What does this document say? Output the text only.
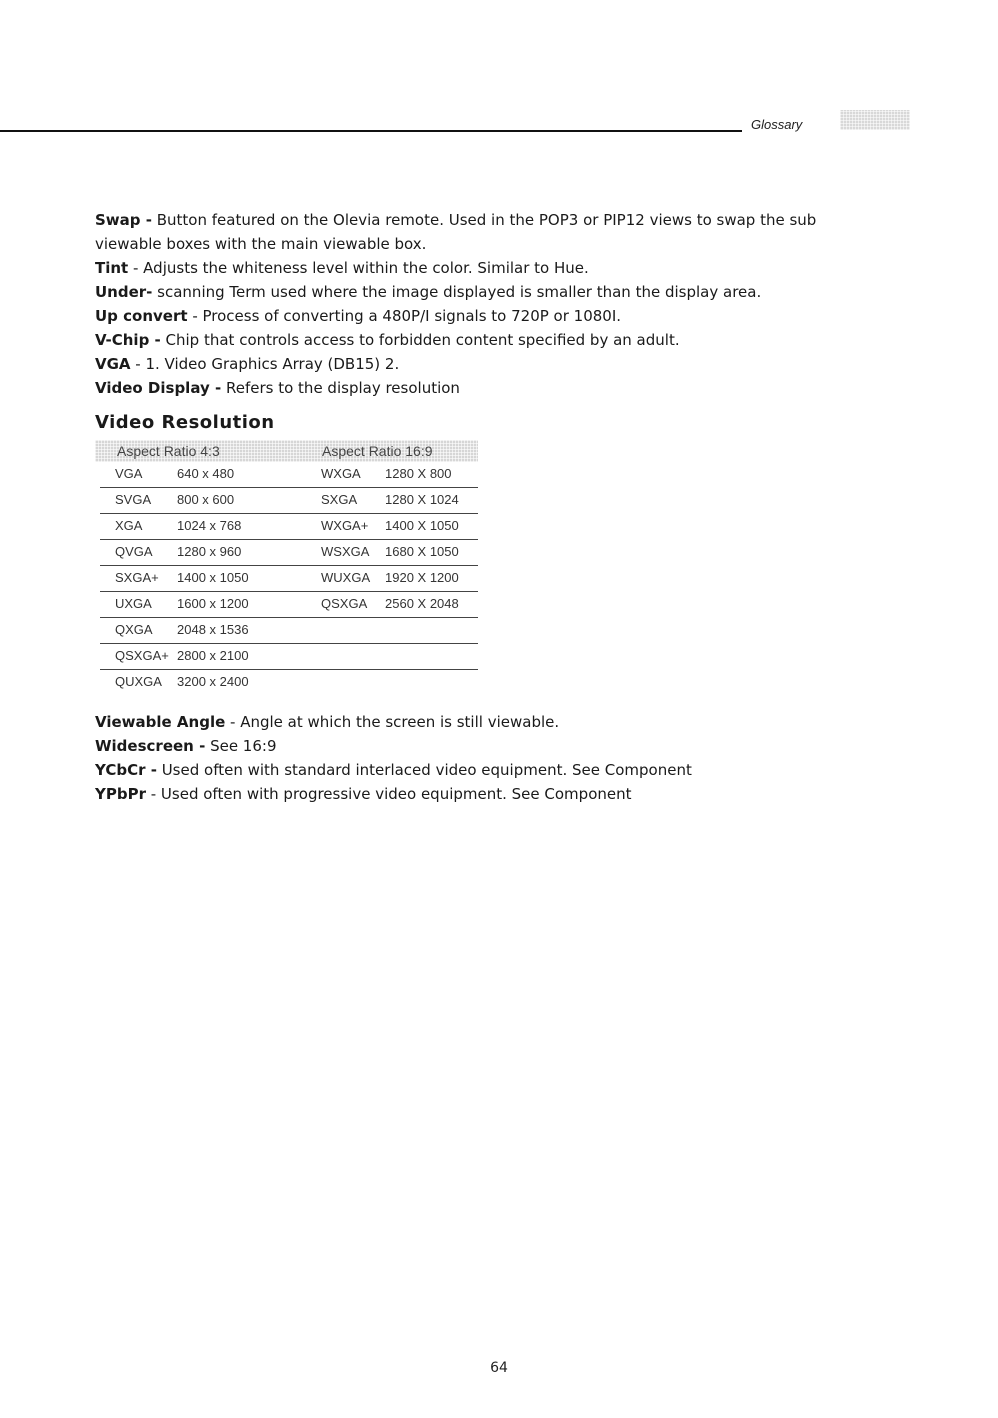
Glossary

Swap - Button featured on the Olevia remote. Used in the POP3 or PIP12 views to swap the sub viewable boxes with the main viewable box.

Tint - Adjusts the whiteness level within the color. Similar to Hue.

Under- scanning Term used where the image displayed is smaller than the display area.

Up convert - Process of converting a 480P/I signals to 720P or 1080I.

V-Chip - Chip that controls access to forbidden content specified by an adult.

VGA - 1. Video Graphics Array (DB15) 2.

Video Display - Refers to the display resolution

Video Resolution
Aspect Ratio 4:3	Aspect Ratio 16:9
VGA	640 x 480	WXGA 1280 X 800
SVGA 800 x 600	SXGA 1280 X 1024
XGA	1024 x 768	WXGA+ 1400 X 1050
QVGA 1280 x 960	WSXGA 1680 X 1050
SXGA+ 1400 x 1050	WUXGA 1920 X 1200
UXGA 1600 x 1200	QSXGA 2560 X 2048
QXGA 2048 x 1536
QSXGA+ 2800 x 2100
QUXGA 3200 x 2400

Viewable Angle - Angle at which the screen is still viewable.

Widescreen - See 16:9

YCbCr - Used often with standard interlaced video equipment. See Component

YPbPr - Used often with progressive video equipment. See Component

64
